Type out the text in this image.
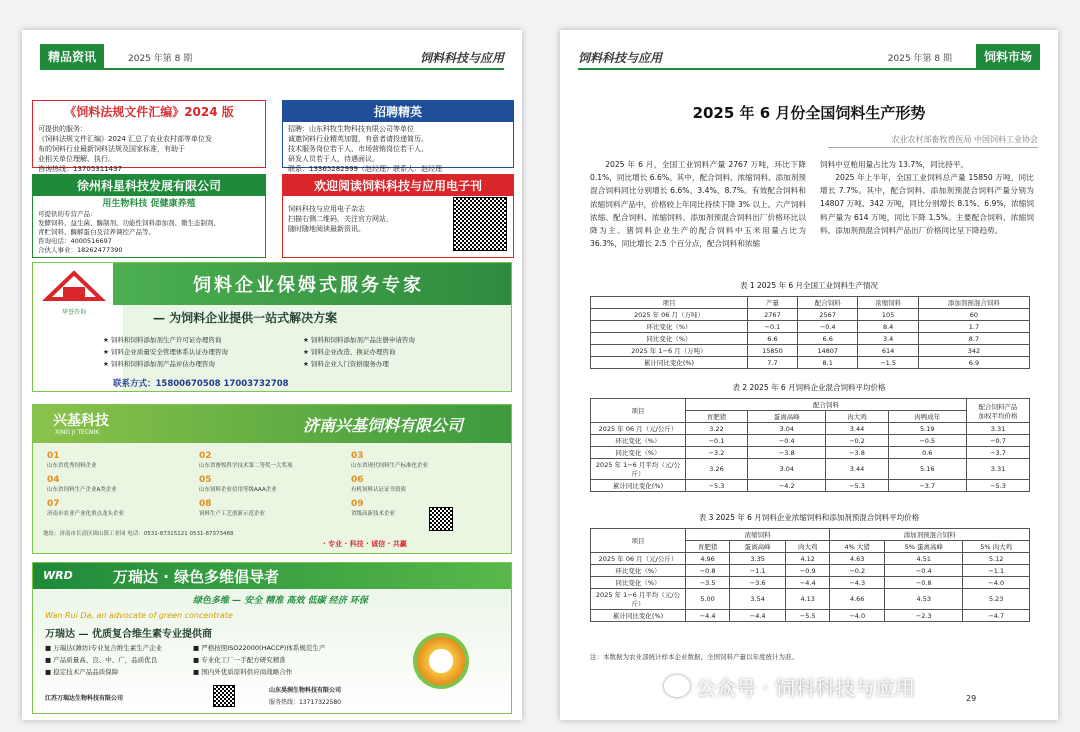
精品资讯	2025 年第 8 期	饲料科技与应用
《饲料法规文件汇编》2024 版
可提供的服务：
《饲料法规文件汇编》2024 汇总了农业农村部等单位发
布的饲料行业最新饲料法规及国家标准，有助于
业相关单位理解、执行。
咨询热线：13705311437
招聘精英
招聘：山东科牧生物科技有限公司等单位
诚邀饲料行业精英加盟，有意者请投递简历。
技术服务岗位若干人、市场营销岗位若干人、
研发人员若干人，待遇面议。
联系：13365282999（赵经理）联系人：赵经理
徐州科星科技发展有限公司
用生物科技 促健康养殖
可提供的专营产品：
发酵饲料、益生菌、酶制剂、功能性饲料添加剂、微生态制剂、
青贮饲料、酶解蛋白及营养调控产品等。
咨询电话：4000516697
合伙人事业：18262477390
欢迎阅读饲料科技与应用电子刊
饲料科技与应用电子杂志
扫描右侧二维码，关注官方网站，
随时随地阅读最新资讯。
华誉咨询
饲料企业保姆式服务专家
— 为饲料企业提供一站式解决方案
★ 饲料和饲料添加剂生产许可证办理咨询	★ 饲料和饲料添加剂产品注册申请咨询
★ 饲料企业质量安全管理体系认证办理咨询	★ 饲料企业改造、换证办理咨询
★ 饲料和饲料添加剂产品评估办理咨询	★ 饲料企业人门资格服务办理
联系方式：15800670508 17003732708
兴基科技
XING JI TECNIK	济南兴基饲料有限公司
01
山东省优秀饲料企业
02
山东省畜牧科学技术第二等奖一大奖项
03
山东省现代饲料生产标准化企业
04
山东省饲料生产企业A类企业
05
山东饲料企业信用等级AAA企业
06
有机饲料认证证书资质
07
济南市农业产业化重点龙头企业
08
饲料生产工艺创新示范企业
09
省级高新技术企业
地址：济南市长清区崮山镇工业园 电话：0531-87315121 0531-87373488
· 专业 · 科技 · 诚信 · 共赢
WRD	万瑞达 · 绿色多维倡导者
绿色多维 — 安全 精准 高效 低碳 经济 环保
Wan Rui Da, an advocate of green concentrate
万瑞达 — 优质复合维生素专业提供商
■ 万瑞达(潍坊)专业复合维生素生产企业	■ 严格按照ISO22000(HACCP)体系规范生产
■ 产品质量高、良、中、广，品质优良	■ 专业化工厂一手配方研究精准
■ 稳定技术产品品质保障	■ 国内外优质原料供应商战略合作
江苏万瑞达生物科技有限公司
山东昊润生物科技有限公司
服务热线：13717322580
饲料科技与应用	2025 年第 8 期	饲料市场
2025 年 6 月份全国饲料生产形势
农业农村部畜牧兽医局 中国饲料工业协会
2025 年 6 月，全国工业饲料产量 2767 万吨，环比下降 0.1%，同比增长 6.6%。其中，配合饲料、浓缩饲料、添加剂预混合饲料同比分别增长 6.6%、3.4%、8.7%。有效配合饲料和浓缩饲料产品中，价格较上年同比持续下降 3% 以上。六产饲料浓缩、配合饲料、浓缩饲料、添加剂预混合饲料出厂价格环比以降为主。猪饲料企业生产的配合饲料中玉米用量占比为 36.3%，同比增长 2.5 个百分点，配合饲料和浓缩
饲料中豆粕用量占比为 13.7%，同比持平。
2025 年上半年，全国工业饲料总产量 15850 万吨，同比增长 7.7%。其中，配合饲料、添加剂预混合饲料产量分别为 14807 万吨、342 万吨，同比分别增长 8.1%、6.9%，浓缩饲料产量为 614 万吨，同比下降 1.5%。主要配合饲料、浓缩饲料、添加剂预混合饲料产品出厂价格同比呈下降趋势。
表 1 2025 年 6 月全国工业饲料生产情况
项目	产量	配合饲料	浓缩饲料	添加剂预混合饲料
2025 年 06 月（万吨）	2767	2567	105	60
环比变化（%）	−0.1	−0.4	8.4	1.7
同比变化（%）	6.6	6.6	3.4	8.7
2025 年 1−6 月（万吨）	15850	14807	614	342
累计同比变化(%)	7.7	8.1	−1.5	6.9
表 2 2025 年 6 月饲料企业混合饲料平均价格
项目	配合饲料				配合饲料产品
加权平均价格
	育肥猪	蛋离高峰	肉大鸡	肉鸭成年	
2025 年 06 月（元/公斤）	3.22	3.04	3.44	5.19	3.31
环比变化（%）	−0.1	−0.4	−0.2	−0.5	−0.7
同比变化（%）	−3.2	−3.8	−3.8	0.6	−3.7
2025 年 1−6 月平均（元/公斤）	3.26	3.04	3.44	5.16	3.31
累计同比变化(%)	−5.3	−4.2	−5.3	−3.7	−5.3
表 3 2025 年 6 月饲料企业浓缩饲料和添加剂预混合饲料平均价格
项目	浓缩饲料			添加剂预混合饲料		
	育肥猪	蛋离高峰	肉大鸡	4% 大猪	5% 蛋离高峰	5% 肉大鸡
2025 年 06 月（元/公斤）	4.96	3.35	4.12	4.63	4.51	5.12
环比变化（%）	−0.8	−1.1	−0.9	−0.2	−0.4	−1.1
同比变化（%）	−3.5	−3.6	−4.4	−4.3	−0.8	−4.0
2025 年 1−6 月平均（元/公斤）	5.00	3.54	4.13	4.66	4.53	5.23
累计同比变化(%)	−4.4	−4.4	−5.5	−4.0	−2.3	−4.7
注：本数据为农业部统计样本企业数据，全国饲料产量以年度统计为准。
29
公众号 · 饲料科技与应用
